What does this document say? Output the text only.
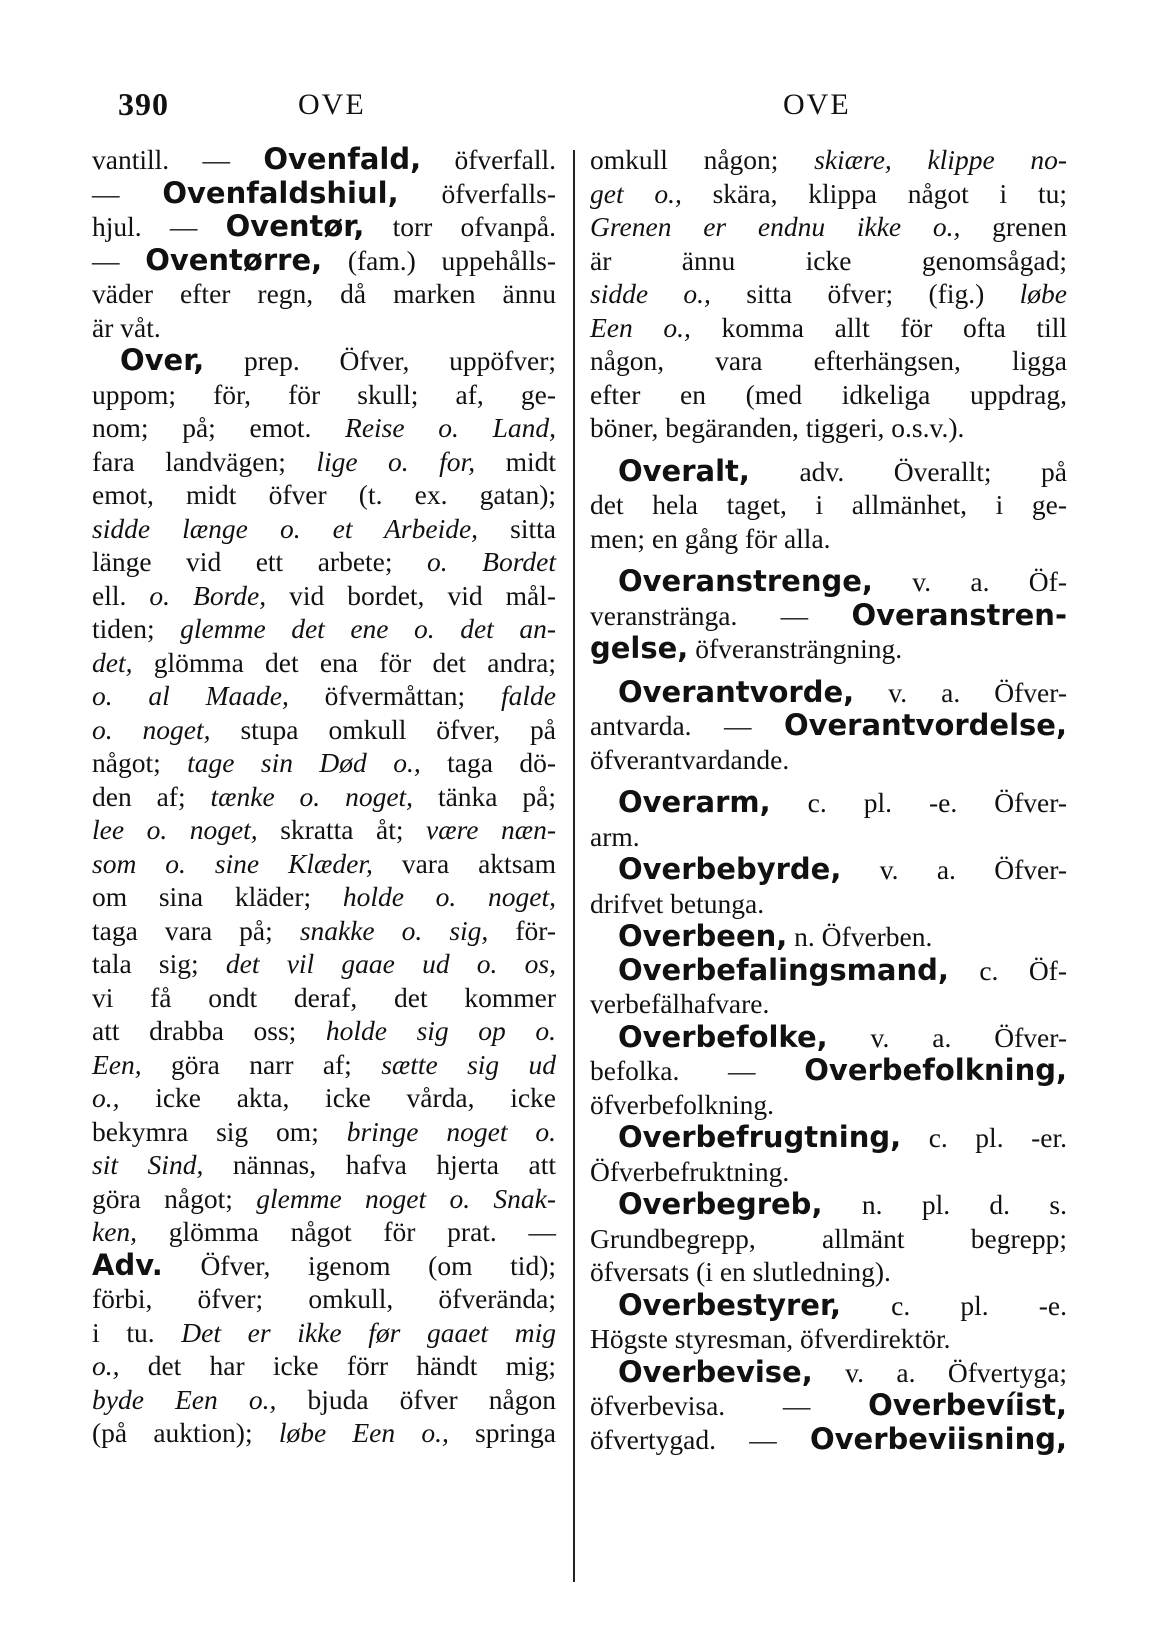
390	OVE	OVE
vantill. — Ovenfald, öfverfall.
— Ovenfaldshiul, öfverfalls-
hjul. — Oventør, torr ofvanpå.
— Oventørre, (fam.) uppehålls-
väder efter regn, då marken ännu
är våt.
Over, prep. Öfver, uppöfver;
uppom; för, för skull; af, ge-
nom; på; emot. Reise o. Land,
fara landvägen; lige o. for, midt
emot, midt öfver (t. ex. gatan);
sidde længe o. et Arbeide, sitta
länge vid ett arbete; o. Bordet
ell. o. Borde, vid bordet, vid mål-
tiden; glemme det ene o. det an-
det, glömma det ena för det andra;
o. al Maade, öfvermåttan; falde
o. noget, stupa omkull öfver, på
något; tage sin Død o., taga dö-
den af; tænke o. noget, tänka på;
lee o. noget, skratta åt; være næn-
som o. sine Klæder, vara aktsam
om sina kläder; holde o. noget,
taga vara på; snakke o. sig, för-
tala sig; det vil gaae ud o. os,
vi få ondt deraf, det kommer
att drabba oss; holde sig op o.
Een, göra narr af; sætte sig ud
o., icke akta, icke vårda, icke
bekymra sig om; bringe noget o.
sit Sind, nännas, hafva hjerta att
göra något; glemme noget o. Snak-
ken, glömma något för prat. —
Adv. Öfver, igenom (om tid);
förbi, öfver; omkull, öfverända;
i tu. Det er ikke før gaaet mig
o., det har icke förr händt mig;
byde Een o., bjuda öfver någon
(på auktion); løbe Een o., springa
omkull någon; skiære, klippe no-
get o., skära, klippa något i tu;
Grenen er endnu ikke o., grenen
är ännu icke genomsågad;
sidde o., sitta öfver; (fig.) løbe
Een o., komma allt för ofta till
någon, vara efterhängsen, ligga
efter en (med idkeliga uppdrag,
böner, begäranden, tiggeri, o.s.v.).
Overalt, adv. Överallt; på
det hela taget, i allmänhet, i ge-
men; en gång för alla.
Overanstrenge, v. a. Öf-
veranstränga. — Overanstren-
gelse, öfveransträngning.
Overantvorde, v. a. Öfver-
antvarda. — Overantvordelse,
öfverantvardande.
Overarm, c. pl. -e. Öfver-
arm.
Overbebyrde, v. a. Öfver-
drifvet betunga.
Overbeen, n. Öfverben.
Overbefalingsmand, c. Öf-
verbefälhafvare.
Overbefolke, v. a. Öfver-
befolka. — Overbefolkning,
öfverbefolkning.
Overbefrugtning, c. pl. -er.
Öfverbefruktning.
Overbegreb, n. pl. d. s.
Grundbegrepp, allmänt begrepp;
öfversats (i en slutledning).
Overbestyrer, c. pl. -e.
Högste styresman, öfverdirektör.
Overbevise, v. a. Öfvertyga;
öfverbevisa. — Overbevíist,
öfvertygad. — Overbeviisning,
